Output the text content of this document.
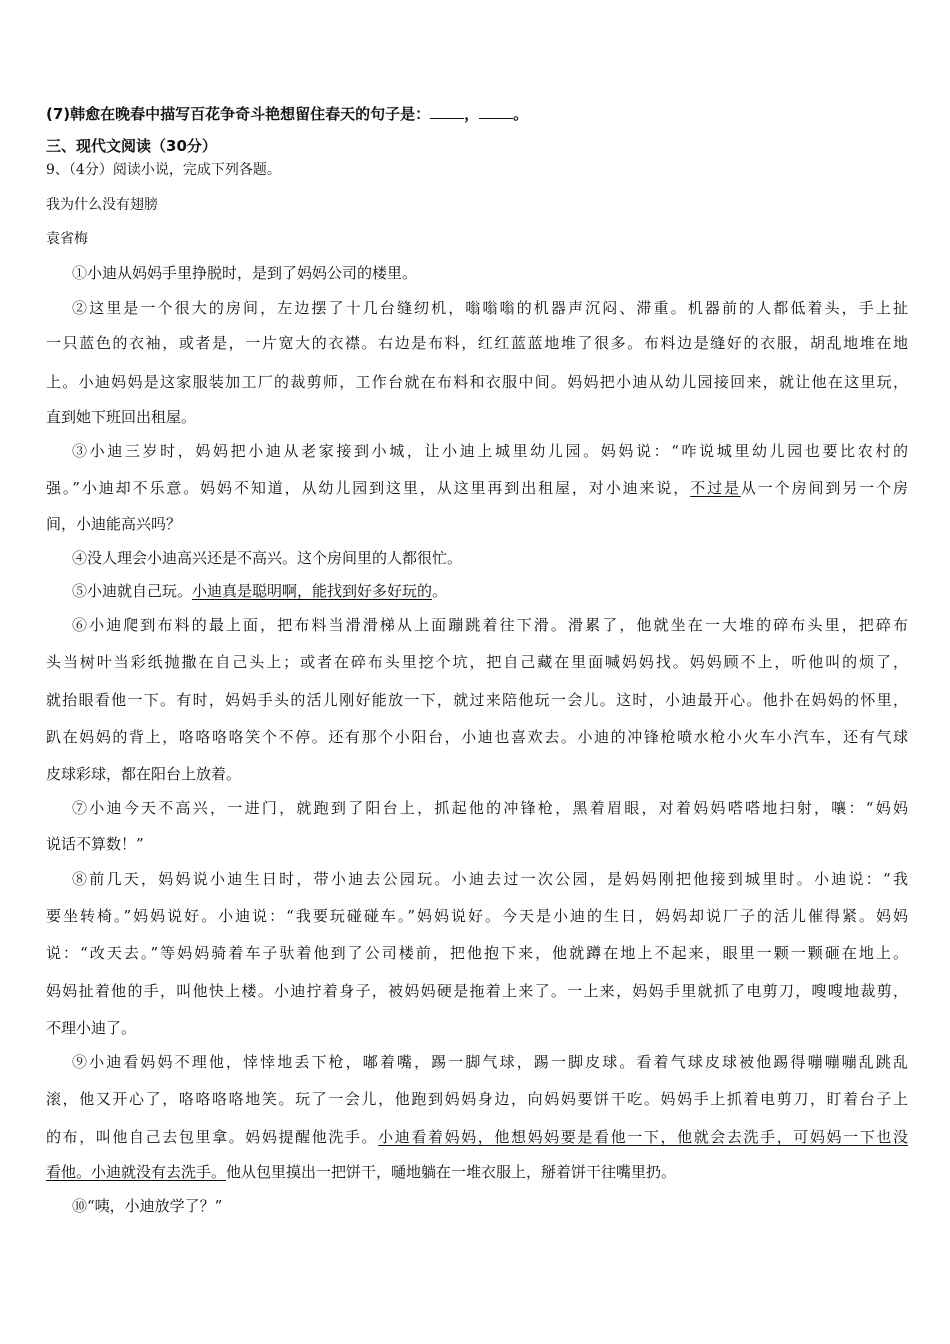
(7)韩愈在晚春中描写百花争奇斗艳想留住春天的句子是： ， 。
三、现代文阅读（30分）
9、（4分）阅读小说，完成下列各题。
我为什么没有翅膀
袁省梅
①小迪从妈妈手里挣脱时，是到了妈妈公司的楼里。
②这里是一个很大的房间，左边摆了十几台缝纫机，嗡嗡嗡的机器声沉闷、滞重。机器前的人都低着头，手上扯
一只蓝色的衣袖，或者是，一片宽大的衣襟。右边是布料，红红蓝蓝地堆了很多。布料边是缝好的衣服，胡乱地堆在地
上。小迪妈妈是这家服装加工厂的裁剪师，工作台就在布料和衣服中间。妈妈把小迪从幼儿园接回来，就让他在这里玩，
直到她下班回出租屋。
③小迪三岁时，妈妈把小迪从老家接到小城，让小迪上城里幼儿园。妈妈说：“咋说城里幼儿园也要比农村的
强。”小迪却不乐意。妈妈不知道，从幼儿园到这里，从这里再到出租屋，对小迪来说，不过是从一个房间到另一个房
间，小迪能高兴吗？
④没人理会小迪高兴还是不高兴。这个房间里的人都很忙。
⑤小迪就自己玩。小迪真是聪明啊，能找到好多好玩的。
⑥小迪爬到布料的最上面，把布料当滑滑梯从上面蹦跳着往下滑。滑累了，他就坐在一大堆的碎布头里，把碎布
头当树叶当彩纸抛撒在自己头上；或者在碎布头里挖个坑，把自己藏在里面喊妈妈找。妈妈顾不上，听他叫的烦了，
就抬眼看他一下。有时，妈妈手头的活儿刚好能放一下，就过来陪他玩一会儿。这时，小迪最开心。他扑在妈妈的怀里，
趴在妈妈的背上，咯咯咯咯笑个不停。还有那个小阳台，小迪也喜欢去。小迪的冲锋枪喷水枪小火车小汽车，还有气球
皮球彩球，都在阳台上放着。
⑦小迪今天不高兴，一进门，就跑到了阳台上，抓起他的冲锋枪，黑着眉眼，对着妈妈嗒嗒地扫射，嚷：“妈妈
说话不算数！”
⑧前几天，妈妈说小迪生日时，带小迪去公园玩。小迪去过一次公园，是妈妈刚把他接到城里时。小迪说：“我
要坐转椅。”妈妈说好。小迪说：“我要玩碰碰车。”妈妈说好。今天是小迪的生日，妈妈却说厂子的活儿催得紧。妈妈
说：“改天去。”等妈妈骑着车子驮着他到了公司楼前，把他抱下来，他就蹲在地上不起来，眼里一颗一颗砸在地上。
妈妈扯着他的手，叫他快上楼。小迪拧着身子，被妈妈硬是拖着上来了。一上来，妈妈手里就抓了电剪刀，嗖嗖地裁剪，
不理小迪了。
⑨小迪看妈妈不理他，悻悻地丢下枪，嘟着嘴，踢一脚气球，踢一脚皮球。看着气球皮球被他踢得嘣嘣嘣乱跳乱
滚，他又开心了，咯咯咯咯地笑。玩了一会儿，他跑到妈妈身边，向妈妈要饼干吃。妈妈手上抓着电剪刀，盯着台子上
的布，叫他自己去包里拿。妈妈提醒他洗手。小迪看着妈妈，他想妈妈要是看他一下，他就会去洗手，可妈妈一下也没
看他。小迪就没有去洗手。他从包里摸出一把饼干，嗵地躺在一堆衣服上，掰着饼干往嘴里扔。
⑩“咦，小迪放学了？”
